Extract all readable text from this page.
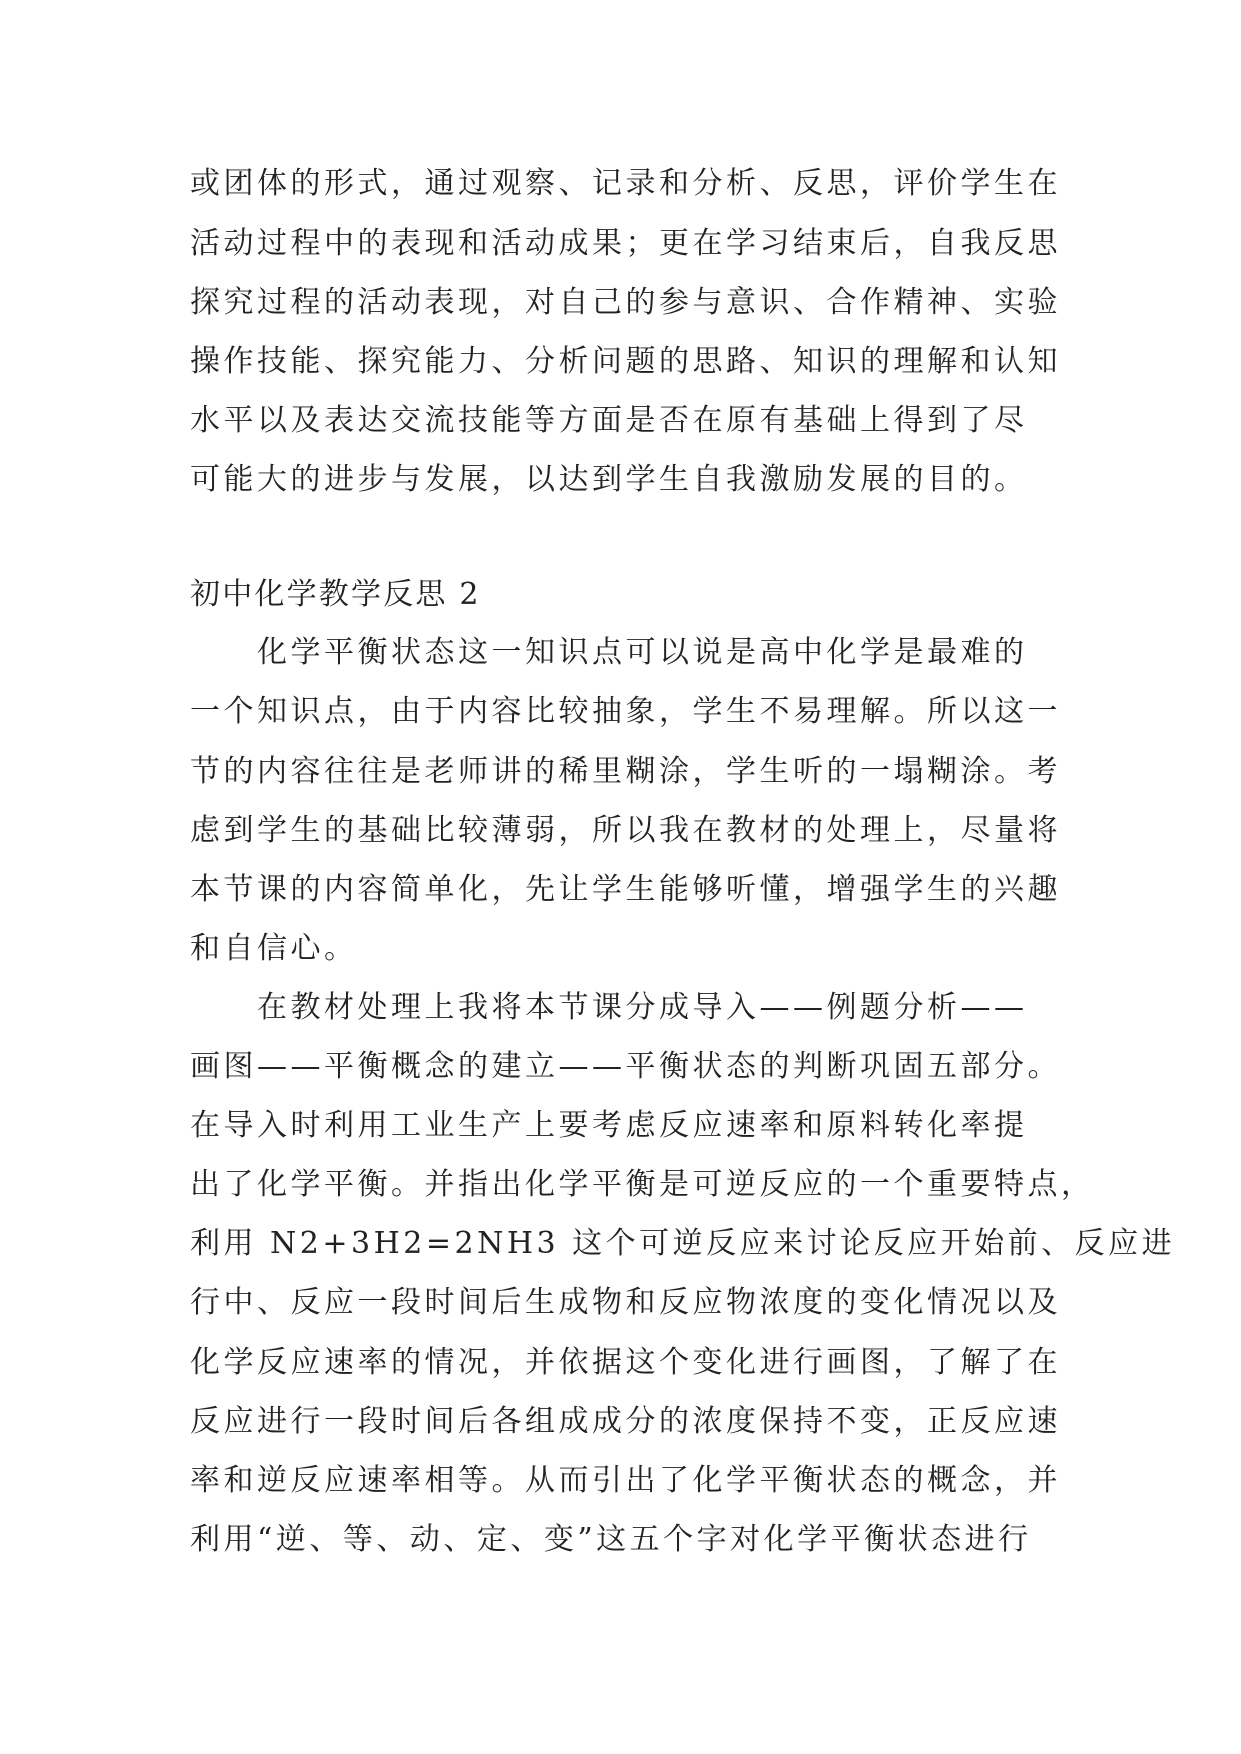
或团体的形式，通过观察、记录和分析、反思，评价学生在
活动过程中的表现和活动成果；更在学习结束后，自我反思
探究过程的活动表现，对自己的参与意识、合作精神、实验
操作技能、探究能力、分析问题的思路、知识的理解和认知
水平以及表达交流技能等方面是否在原有基础上得到了尽
可能大的进步与发展，以达到学生自我激励发展的目的。
初中化学教学反思 2
　　化学平衡状态这一知识点可以说是高中化学是最难的
一个知识点，由于内容比较抽象，学生不易理解。所以这一
节的内容往往是老师讲的稀里糊涂，学生听的一塌糊涂。考
虑到学生的基础比较薄弱，所以我在教材的处理上，尽量将
本节课的内容简单化，先让学生能够听懂，增强学生的兴趣
和自信心。
　　在教材处理上我将本节课分成导入——例题分析——
画图——平衡概念的建立——平衡状态的判断巩固五部分。
在导入时利用工业生产上要考虑反应速率和原料转化率提
出了化学平衡。并指出化学平衡是可逆反应的一个重要特点，
利用 N2+3H2=2NH3 这个可逆反应来讨论反应开始前、反应进
行中、反应一段时间后生成物和反应物浓度的变化情况以及
化学反应速率的情况，并依据这个变化进行画图，了解了在
反应进行一段时间后各组成成分的浓度保持不变，正反应速
率和逆反应速率相等。从而引出了化学平衡状态的概念，并
利用“逆、等、动、定、变”这五个字对化学平衡状态进行
